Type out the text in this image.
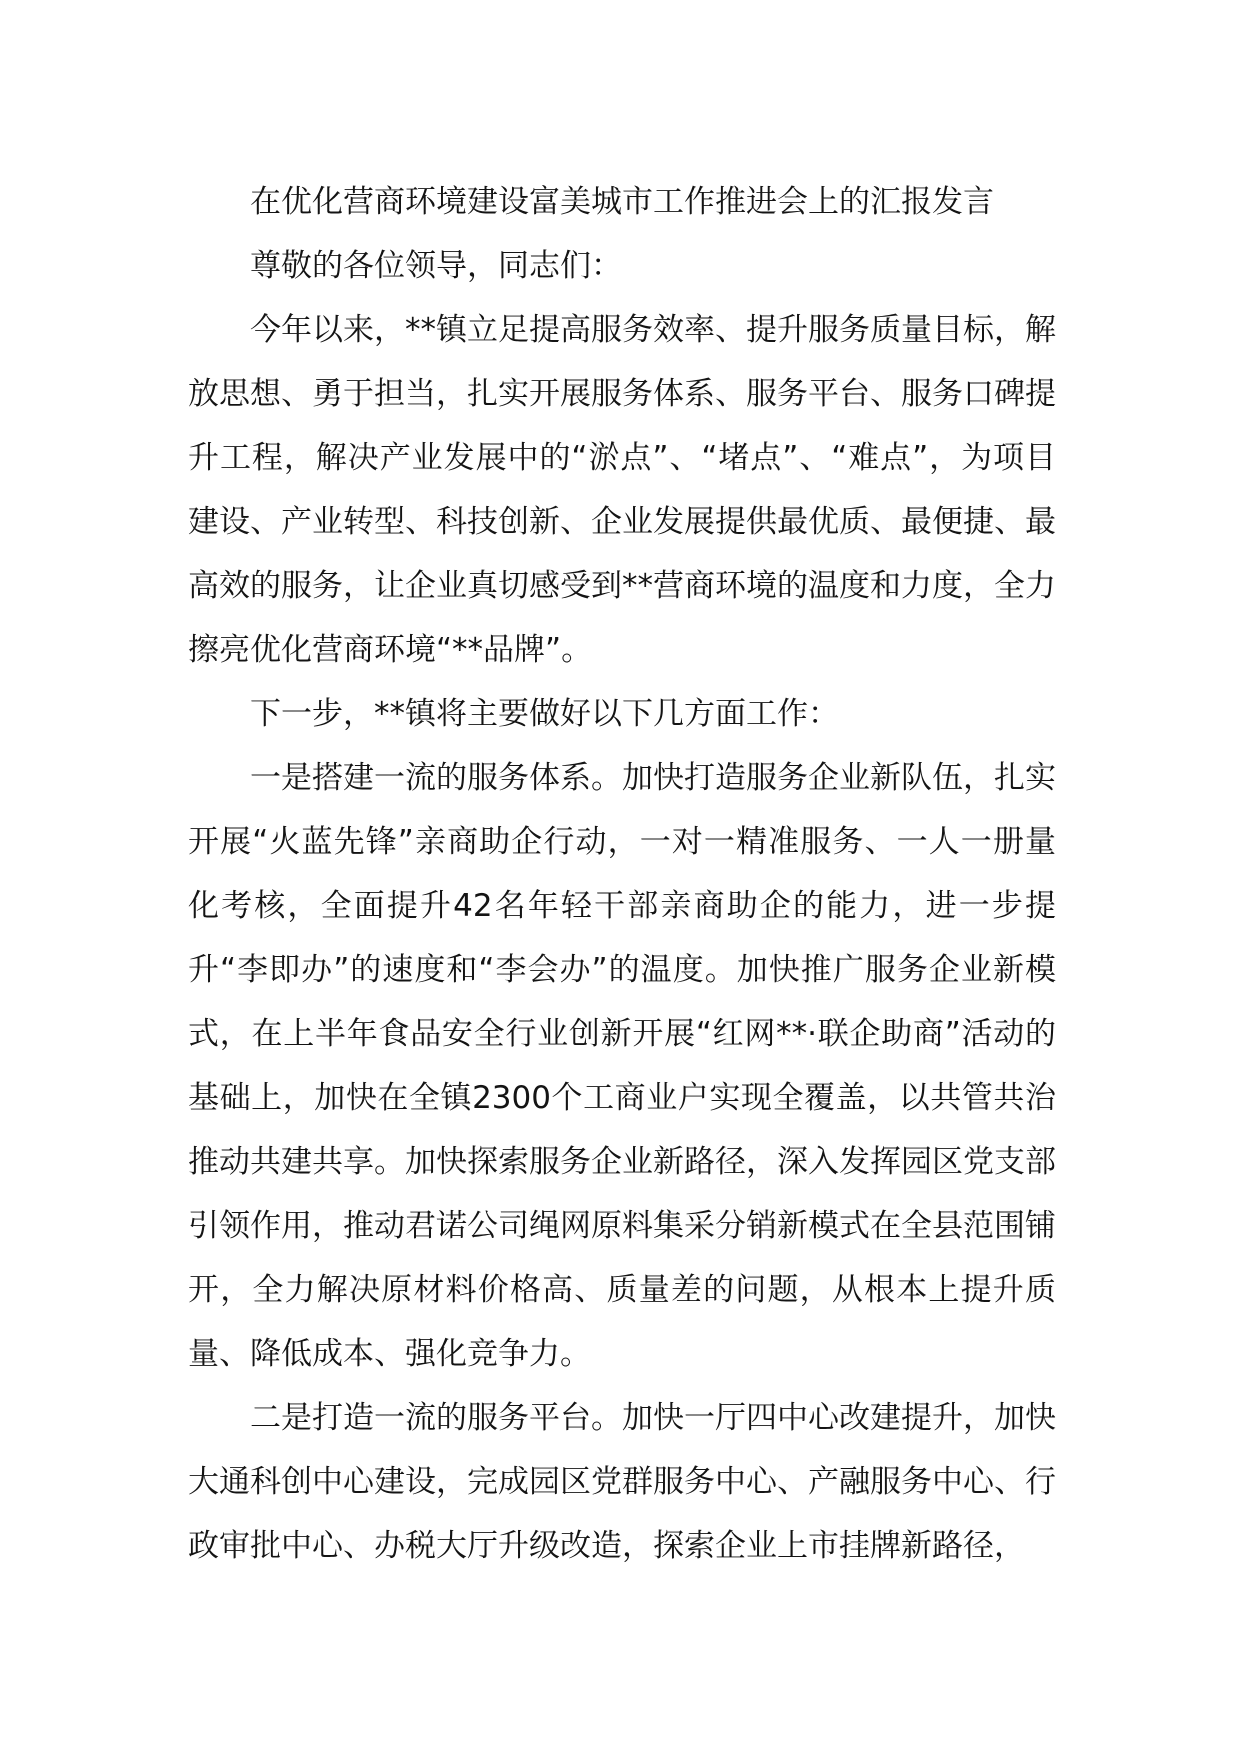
在优化营商环境建设富美城市工作推进会上的汇报发言

尊敬的各位领导，同志们：

今年以来，**镇立足提高服务效率、提升服务质量目标，解放思想、勇于担当，扎实开展服务体系、服务平台、服务口碑提升工程，解决产业发展中的“淤点”、“堵点”、“难点”，为项目建设、产业转型、科技创新、企业发展提供最优质、最便捷、最高效的服务，让企业真切感受到**营商环境的温度和力度，全力擦亮优化营商环境“**品牌”。

下一步，**镇将主要做好以下几方面工作：

一是搭建一流的服务体系。加快打造服务企业新队伍，扎实开展“火蓝先锋”亲商助企行动，一对一精准服务、一人一册量化考核，全面提升42名年轻干部亲商助企的能力，进一步提升“李即办”的速度和“李会办”的温度。加快推广服务企业新模式，在上半年食品安全行业创新开展“红网**·联企助商”活动的基础上，加快在全镇2300个工商业户实现全覆盖，以共管共治推动共建共享。加快探索服务企业新路径，深入发挥园区党支部引领作用，推动君诺公司绳网原料集采分销新模式在全县范围铺开，全力解决原材料价格高、质量差的问题，从根本上提升质量、降低成本、强化竞争力。

二是打造一流的服务平台。加快一厅四中心改建提升，加快大通科创中心建设，完成园区党群服务中心、产融服务中心、行政审批中心、办税大厅升级改造，探索企业上市挂牌新路径，
